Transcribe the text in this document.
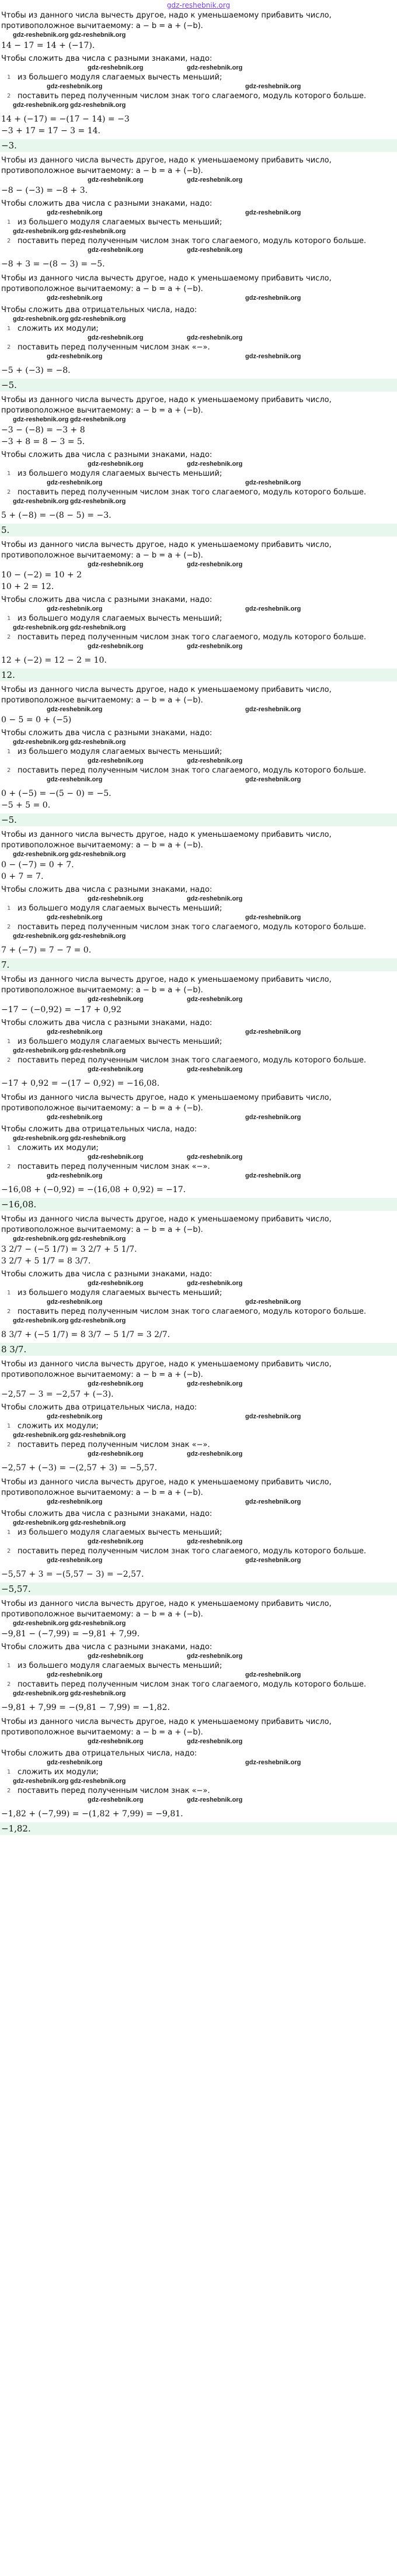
gdz-reshebnik.org
Чтобы из данного числа вычесть другое, надо к уменьшаемому прибавить число, противоположное вычитаемому: a − b = a + (−b).
gdz-reshebnik.org gdz-reshebnik.org
14 − 17 = 14 + (−17).
Чтобы сложить два числа с разными знаками, надо:
gdz-reshebnik.org	gdz-reshebnik.org
1 из большего модуля слагаемых вычесть меньший;
gdz-reshebnik.org	gdz-reshebnik.org
2 поставить перед полученным числом знак того слагаемого, модуль которого больше.
gdz-reshebnik.org gdz-reshebnik.org
14 + (−17) = −(17 − 14) = −3
−3 + 17 = 17 − 3 = 14.
−3.
Чтобы из данного числа вычесть другое, надо к уменьшаемому прибавить число, противоположное вычитаемому: a − b = a + (−b).
gdz-reshebnik.org	gdz-reshebnik.org
−8 − (−3) = −8 + 3.
Чтобы сложить два числа с разными знаками, надо:
gdz-reshebnik.org	gdz-reshebnik.org
1 из большего модуля слагаемых вычесть меньший;
gdz-reshebnik.org gdz-reshebnik.org
2 поставить перед полученным числом знак того слагаемого, модуль которого больше.
gdz-reshebnik.org	gdz-reshebnik.org
−8 + 3 = −(8 − 3) = −5.
Чтобы из данного числа вычесть другое, надо к уменьшаемому прибавить число, противоположное вычитаемому: a − b = a + (−b).
gdz-reshebnik.org	gdz-reshebnik.org
Чтобы сложить два отрицательных числа, надо:
gdz-reshebnik.org gdz-reshebnik.org
1 сложить их модули;
gdz-reshebnik.org	gdz-reshebnik.org
2 поставить перед полученным числом знак «−».
gdz-reshebnik.org	gdz-reshebnik.org
−5 + (−3) = −8.
−5.
Чтобы из данного числа вычесть другое, надо к уменьшаемому прибавить число, противоположное вычитаемому: a − b = a + (−b).
gdz-reshebnik.org gdz-reshebnik.org
−3 − (−8) = −3 + 8
−3 + 8 = 8 − 3 = 5.
Чтобы сложить два числа с разными знаками, надо:
gdz-reshebnik.org	gdz-reshebnik.org
1 из большего модуля слагаемых вычесть меньший;
gdz-reshebnik.org	gdz-reshebnik.org
2 поставить перед полученным числом знак того слагаемого, модуль которого больше.
gdz-reshebnik.org gdz-reshebnik.org
5 + (−8) = −(8 − 5) = −3.
5.
Чтобы из данного числа вычесть другое, надо к уменьшаемому прибавить число, противоположное вычитаемому: a − b = a + (−b).
gdz-reshebnik.org	gdz-reshebnik.org
10 − (−2) = 10 + 2
10 + 2 = 12.
Чтобы сложить два числа с разными знаками, надо:
gdz-reshebnik.org	gdz-reshebnik.org
1 из большего модуля слагаемых вычесть меньший;
gdz-reshebnik.org gdz-reshebnik.org
2 поставить перед полученным числом знак того слагаемого, модуль которого больше.
gdz-reshebnik.org	gdz-reshebnik.org
12 + (−2) = 12 − 2 = 10.
12.
Чтобы из данного числа вычесть другое, надо к уменьшаемому прибавить число, противоположное вычитаемому: a − b = a + (−b).
gdz-reshebnik.org	gdz-reshebnik.org
0 − 5 = 0 + (−5)
Чтобы сложить два числа с разными знаками, надо:
gdz-reshebnik.org gdz-reshebnik.org
1 из большего модуля слагаемых вычесть меньший;
gdz-reshebnik.org	gdz-reshebnik.org
2 поставить перед полученным числом знак того слагаемого, модуль которого больше.
gdz-reshebnik.org	gdz-reshebnik.org
0 + (−5) = −(5 − 0) = −5.
−5 + 5 = 0.
−5.
Чтобы из данного числа вычесть другое, надо к уменьшаемому прибавить число, противоположное вычитаемому: a − b = a + (−b).
gdz-reshebnik.org gdz-reshebnik.org
0 − (−7) = 0 + 7.
0 + 7 = 7.
Чтобы сложить два числа с разными знаками, надо:
gdz-reshebnik.org	gdz-reshebnik.org
1 из большего модуля слагаемых вычесть меньший;
gdz-reshebnik.org	gdz-reshebnik.org
2 поставить перед полученным числом знак того слагаемого, модуль которого больше.
gdz-reshebnik.org gdz-reshebnik.org
7 + (−7) = 7 − 7 = 0.
7.
Чтобы из данного числа вычесть другое, надо к уменьшаемому прибавить число, противоположное вычитаемому: a − b = a + (−b).
gdz-reshebnik.org	gdz-reshebnik.org
−17 − (−0,92) = −17 + 0,92
Чтобы сложить два числа с разными знаками, надо:
gdz-reshebnik.org	gdz-reshebnik.org
1 из большего модуля слагаемых вычесть меньший;
gdz-reshebnik.org gdz-reshebnik.org
2 поставить перед полученным числом знак того слагаемого, модуль которого больше.
gdz-reshebnik.org	gdz-reshebnik.org
−17 + 0,92 = −(17 − 0,92) = −16,08.
Чтобы из данного числа вычесть другое, надо к уменьшаемому прибавить число, противоположное вычитаемому: a − b = a + (−b).
gdz-reshebnik.org	gdz-reshebnik.org
Чтобы сложить два отрицательных числа, надо:
gdz-reshebnik.org gdz-reshebnik.org
1 сложить их модули;
gdz-reshebnik.org	gdz-reshebnik.org
2 поставить перед полученным числом знак «−».
gdz-reshebnik.org	gdz-reshebnik.org
−16,08 + (−0,92) = −(16,08 + 0,92) = −17.
−16,08.
Чтобы из данного числа вычесть другое, надо к уменьшаемому прибавить число, противоположное вычитаемому: a − b = a + (−b).
gdz-reshebnik.org gdz-reshebnik.org
3 2/7 − (−5 1/7) = 3 2/7 + 5 1/7.
3 2/7 + 5 1/7 = 8 3/7.
Чтобы сложить два числа с разными знаками, надо:
gdz-reshebnik.org	gdz-reshebnik.org
1 из большего модуля слагаемых вычесть меньший;
gdz-reshebnik.org	gdz-reshebnik.org
2 поставить перед полученным числом знак того слагаемого, модуль которого больше.
gdz-reshebnik.org gdz-reshebnik.org
8 3/7 + (−5 1/7) = 8 3/7 − 5 1/7 = 3 2/7.
8 3/7.
Чтобы из данного числа вычесть другое, надо к уменьшаемому прибавить число, противоположное вычитаемому: a − b = a + (−b).
gdz-reshebnik.org	gdz-reshebnik.org
−2,57 − 3 = −2,57 + (−3).
Чтобы сложить два отрицательных числа, надо:
gdz-reshebnik.org	gdz-reshebnik.org
1 сложить их модули;
gdz-reshebnik.org gdz-reshebnik.org
2 поставить перед полученным числом знак «−».
gdz-reshebnik.org	gdz-reshebnik.org
−2,57 + (−3) = −(2,57 + 3) = −5,57.
Чтобы из данного числа вычесть другое, надо к уменьшаемому прибавить число, противоположное вычитаемому: a − b = a + (−b).
gdz-reshebnik.org	gdz-reshebnik.org
Чтобы сложить два числа с разными знаками, надо:
gdz-reshebnik.org gdz-reshebnik.org
1 из большего модуля слагаемых вычесть меньший;
gdz-reshebnik.org	gdz-reshebnik.org
2 поставить перед полученным числом знак того слагаемого, модуль которого больше.
gdz-reshebnik.org	gdz-reshebnik.org
−5,57 + 3 = −(5,57 − 3) = −2,57.
−5,57.
Чтобы из данного числа вычесть другое, надо к уменьшаемому прибавить число, противоположное вычитаемому: a − b = a + (−b).
gdz-reshebnik.org gdz-reshebnik.org
−9,81 − (−7,99) = −9,81 + 7,99.
Чтобы сложить два числа с разными знаками, надо:
gdz-reshebnik.org	gdz-reshebnik.org
1 из большего модуля слагаемых вычесть меньший;
gdz-reshebnik.org	gdz-reshebnik.org
2 поставить перед полученным числом знак того слагаемого, модуль которого больше.
gdz-reshebnik.org gdz-reshebnik.org
−9,81 + 7,99 = −(9,81 − 7,99) = −1,82.
Чтобы из данного числа вычесть другое, надо к уменьшаемому прибавить число, противоположное вычитаемому: a − b = a + (−b).
gdz-reshebnik.org	gdz-reshebnik.org
Чтобы сложить два отрицательных числа, надо:
gdz-reshebnik.org	gdz-reshebnik.org
1 сложить их модули;
gdz-reshebnik.org gdz-reshebnik.org
2 поставить перед полученным числом знак «−».
gdz-reshebnik.org	gdz-reshebnik.org
−1,82 + (−7,99) = −(1,82 + 7,99) = −9,81.
−1,82.
